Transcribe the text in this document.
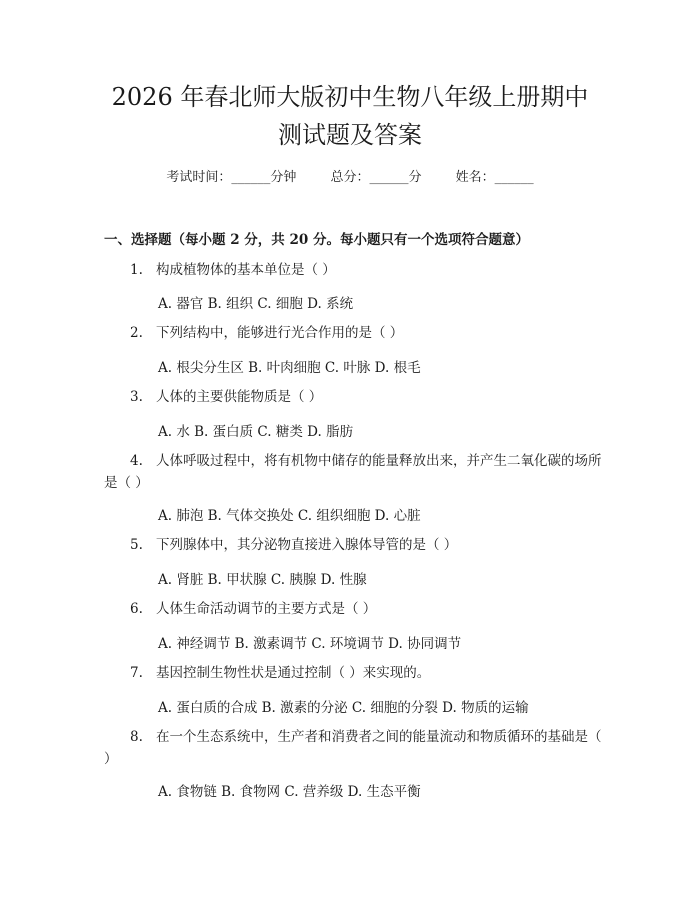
2026 年春北师大版初中生物八年级上册期中
测试题及答案
考试时间：______分钟	总分：______分	姓名：______
一、选择题（每小题 2 分，共 20 分。每小题只有一个选项符合题意）
1. 构成植物体的基本单位是（ ）
A. 器官 B. 组织 C. 细胞 D. 系统
2. 下列结构中，能够进行光合作用的是（ ）
A. 根尖分生区 B. 叶肉细胞 C. 叶脉 D. 根毛
3. 人体的主要供能物质是（ ）
A. 水 B. 蛋白质 C. 糖类 D. 脂肪
4. 人体呼吸过程中，将有机物中储存的能量释放出来，并产生二氧化碳的场所是（ ）
A. 肺泡 B. 气体交换处 C. 组织细胞 D. 心脏
5. 下列腺体中，其分泌物直接进入腺体导管的是（ ）
A. 肾脏 B. 甲状腺 C. 胰腺 D. 性腺
6. 人体生命活动调节的主要方式是（ ）
A. 神经调节 B. 激素调节 C. 环境调节 D. 协同调节
7. 基因控制生物性状是通过控制（ ）来实现的。
A. 蛋白质的合成 B. 激素的分泌 C. 细胞的分裂 D. 物质的运输
8. 在一个生态系统中，生产者和消费者之间的能量流动和物质循环的基础是（ ）
A. 食物链 B. 食物网 C. 营养级 D. 生态平衡
